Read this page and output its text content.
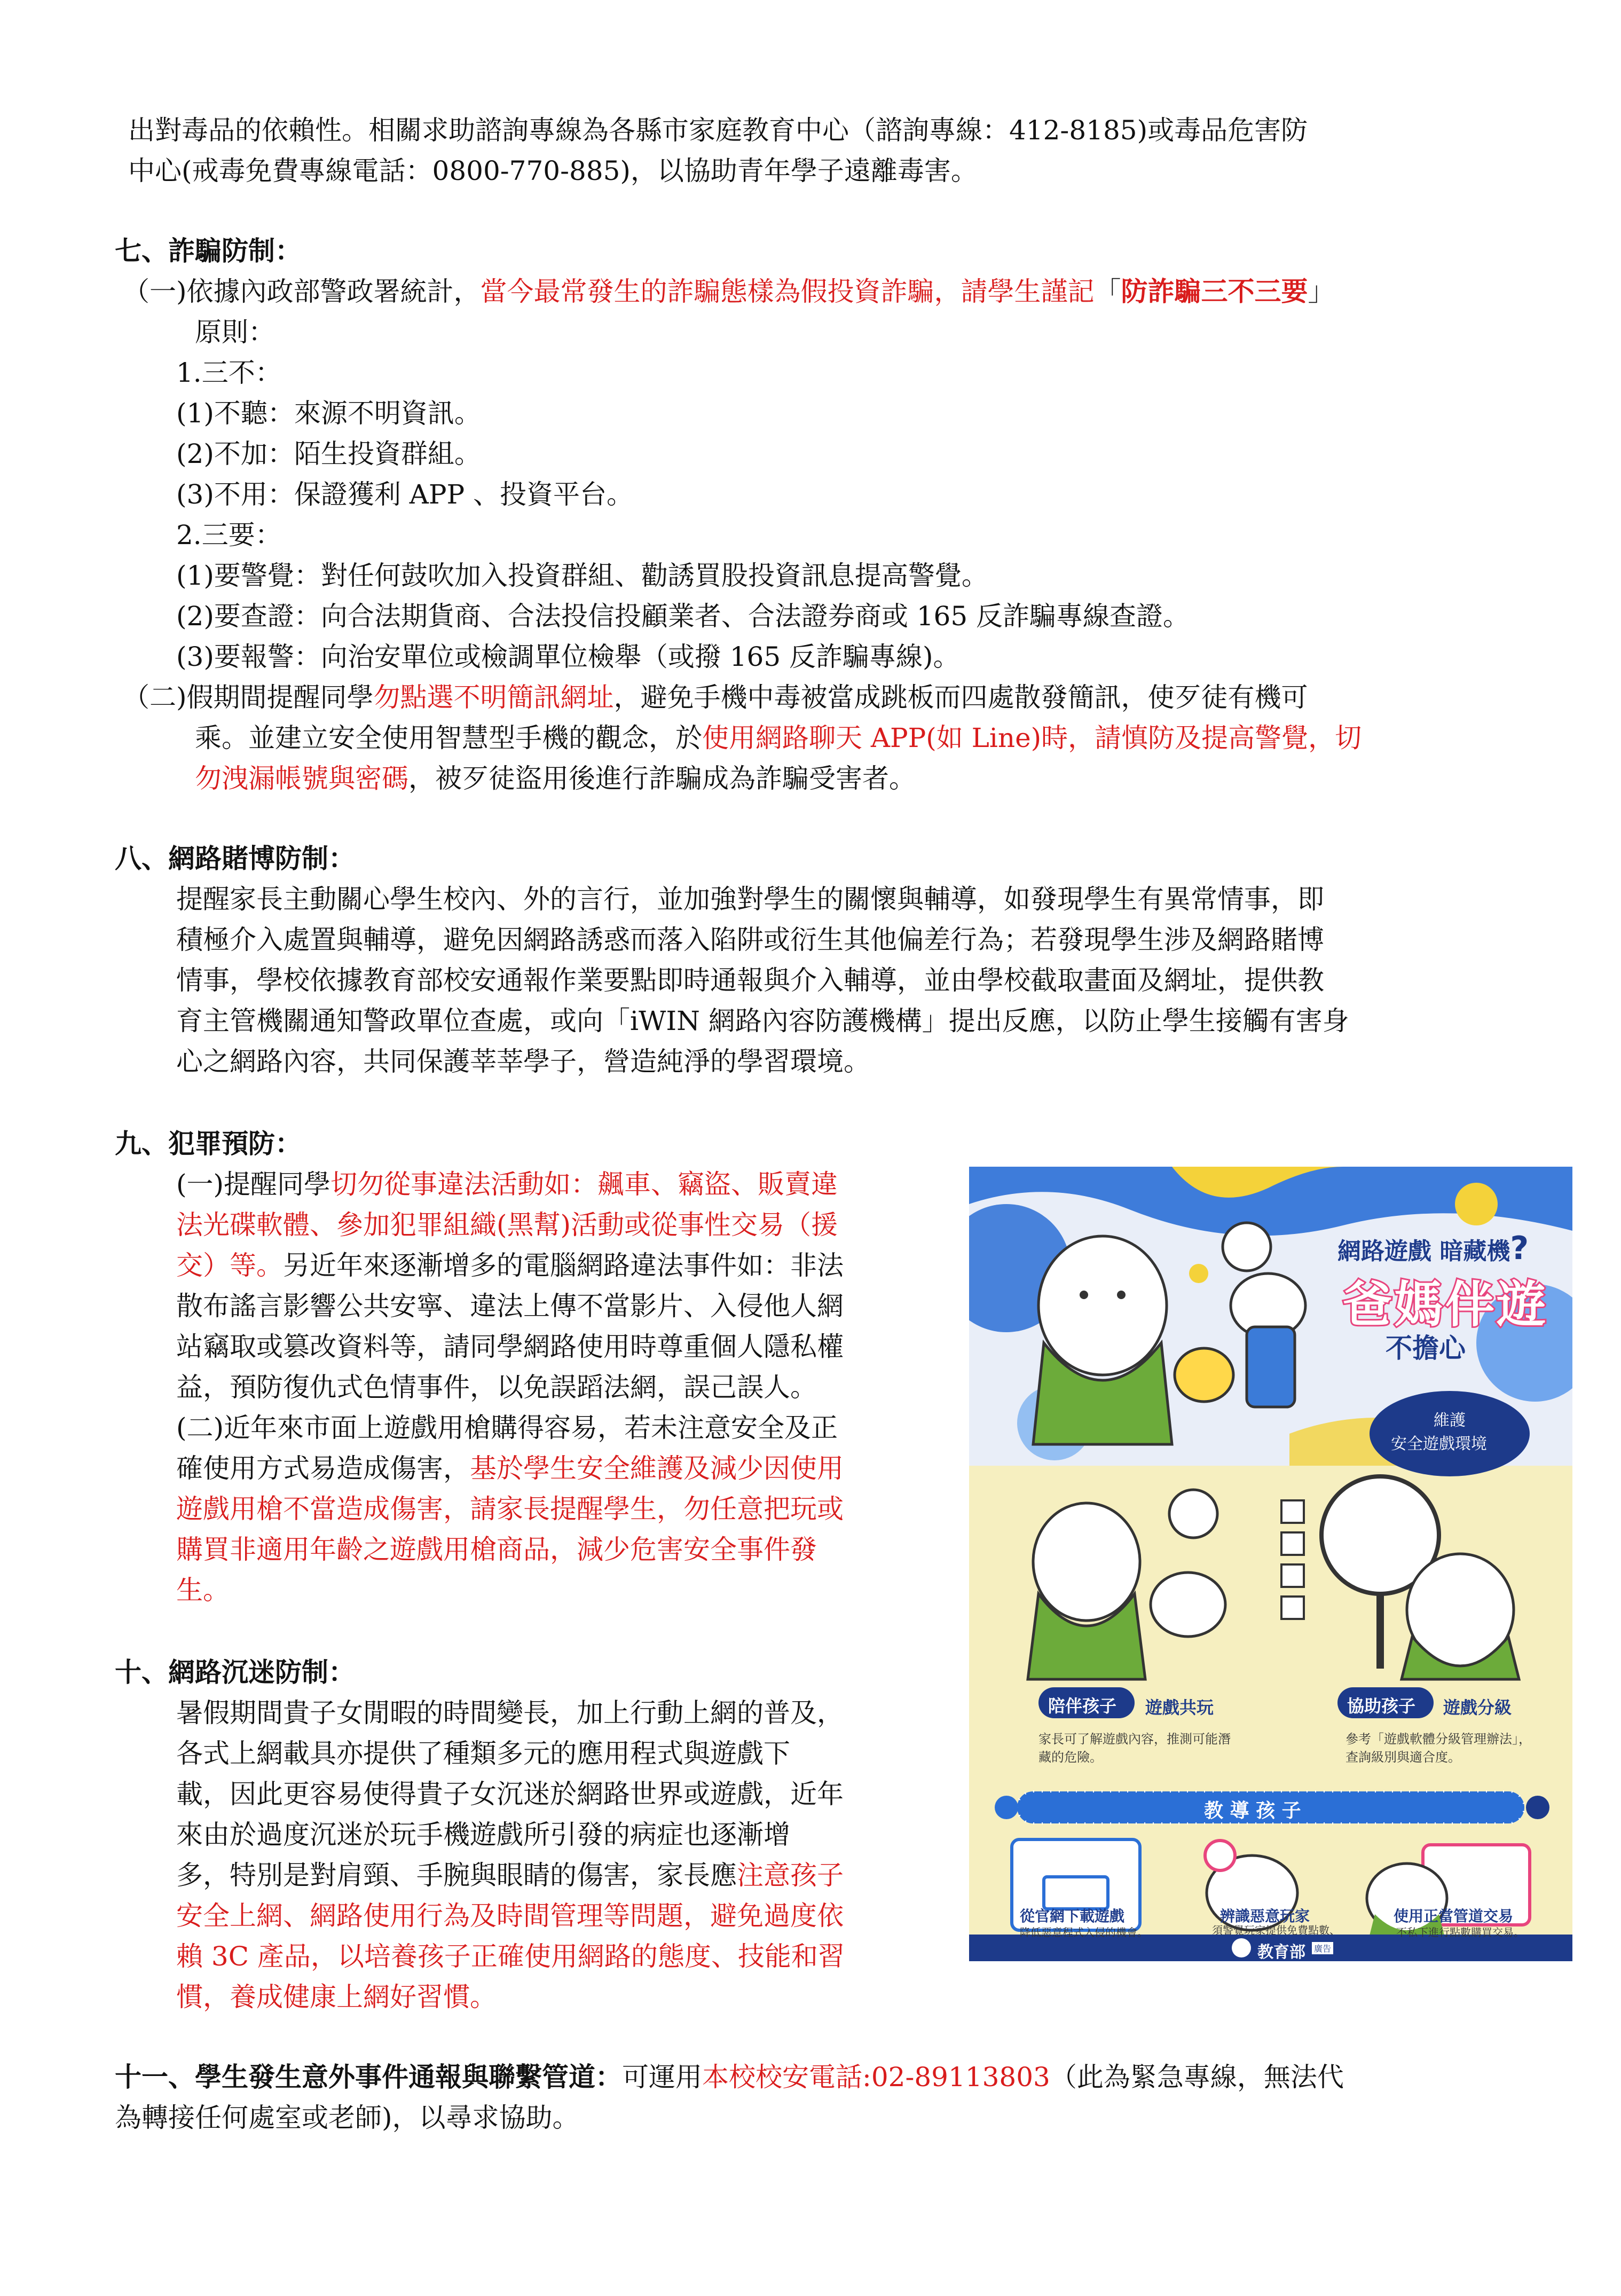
出對毒品的依賴性。相關求助諮詢專線為各縣市家庭教育中心（諮詢專線：412-8185)或毒品危害防
中心(戒毒免費專線電話：0800-770-885)，以協助青年學子遠離毒害。
七、詐騙防制：
（一)依據內政部警政署統計，當今最常發生的詐騙態樣為假投資詐騙，請學生謹記「防詐騙三不三要」
原則：
1.三不：
(1)不聽：來源不明資訊。
(2)不加：陌生投資群組。
(3)不用：保證獲利 APP 、投資平台。
2.三要：
(1)要警覺：對任何鼓吹加入投資群組、勸誘買股投資訊息提高警覺。
(2)要查證：向合法期貨商、合法投信投顧業者、合法證券商或 165 反詐騙專線查證。
(3)要報警：向治安單位或檢調單位檢舉（或撥 165 反詐騙專線)。
（二)假期間提醒同學勿點選不明簡訊網址，避免手機中毒被當成跳板而四處散發簡訊，使歹徒有機可
乘。並建立安全使用智慧型手機的觀念，於使用網路聊天 APP(如 Line)時，請慎防及提高警覺，切
勿洩漏帳號與密碼，被歹徒盜用後進行詐騙成為詐騙受害者。
八、網路賭博防制：
提醒家長主動關心學生校內、外的言行，並加強對學生的關懷與輔導，如發現學生有異常情事，即
積極介入處置與輔導，避免因網路誘惑而落入陷阱或衍生其他偏差行為；若發現學生涉及網路賭博
情事，學校依據教育部校安通報作業要點即時通報與介入輔導，並由學校截取畫面及網址，提供教
育主管機關通知警政單位查處，或向「iWIN 網路內容防護機構」提出反應，以防止學生接觸有害身
心之網路內容，共同保護莘莘學子，營造純淨的學習環境。
九、犯罪預防：
(一)提醒同學切勿從事違法活動如：飆車、竊盜、販賣違
法光碟軟體、參加犯罪組織(黑幫)活動或從事性交易（援
交）等。另近年來逐漸增多的電腦網路違法事件如：非法
散布謠言影響公共安寧、違法上傳不當影片、入侵他人網
站竊取或篡改資料等，請同學網路使用時尊重個人隱私權
益，預防復仇式色情事件，以免誤蹈法網，誤己誤人。
(二)近年來市面上遊戲用槍購得容易，若未注意安全及正
確使用方式易造成傷害，基於學生安全維護及減少因使用
遊戲用槍不當造成傷害，請家長提醒學生，勿任意把玩或
購買非適用年齡之遊戲用槍商品，減少危害安全事件發
生。
十、網路沉迷防制：
暑假期間貴子女閒暇的時間變長，加上行動上網的普及，
各式上網載具亦提供了種類多元的應用程式與遊戲下
載，因此更容易使得貴子女沉迷於網路世界或遊戲，近年
來由於過度沉迷於玩手機遊戲所引發的病症也逐漸增
多，特別是對肩頸、手腕與眼睛的傷害，家長應注意孩子
安全上網、網路使用行為及時間管理等問題，避免過度依
賴 3C 產品，以培養孩子正確使用網路的態度、技能和習
慣，養成健康上網好習慣。
十一、學生發生意外事件通報與聯繫管道：可運用本校校安電話:02-89113803（此為緊急專線，無法代
為轉接任何處室或老師)，以尋求協助。
網路遊戲 暗藏機?
爸媽伴遊
不擔心
維護
安全遊戲環境
陪伴孩子 遊戲共玩
家長可了解遊戲內容，推測可能潛
藏的危險。
協助孩子 遊戲分級
參考「遊戲軟體分級管理辦法」，
查詢級別與適合度。
教 導 孩 子
從官網下載遊戲
降低惡意程式入侵的機會。
辨識惡意玩家
須警覺玩家提供免費點數、
使用正當管道交易
不私下進行點數購買交易。
教育部 廣告
